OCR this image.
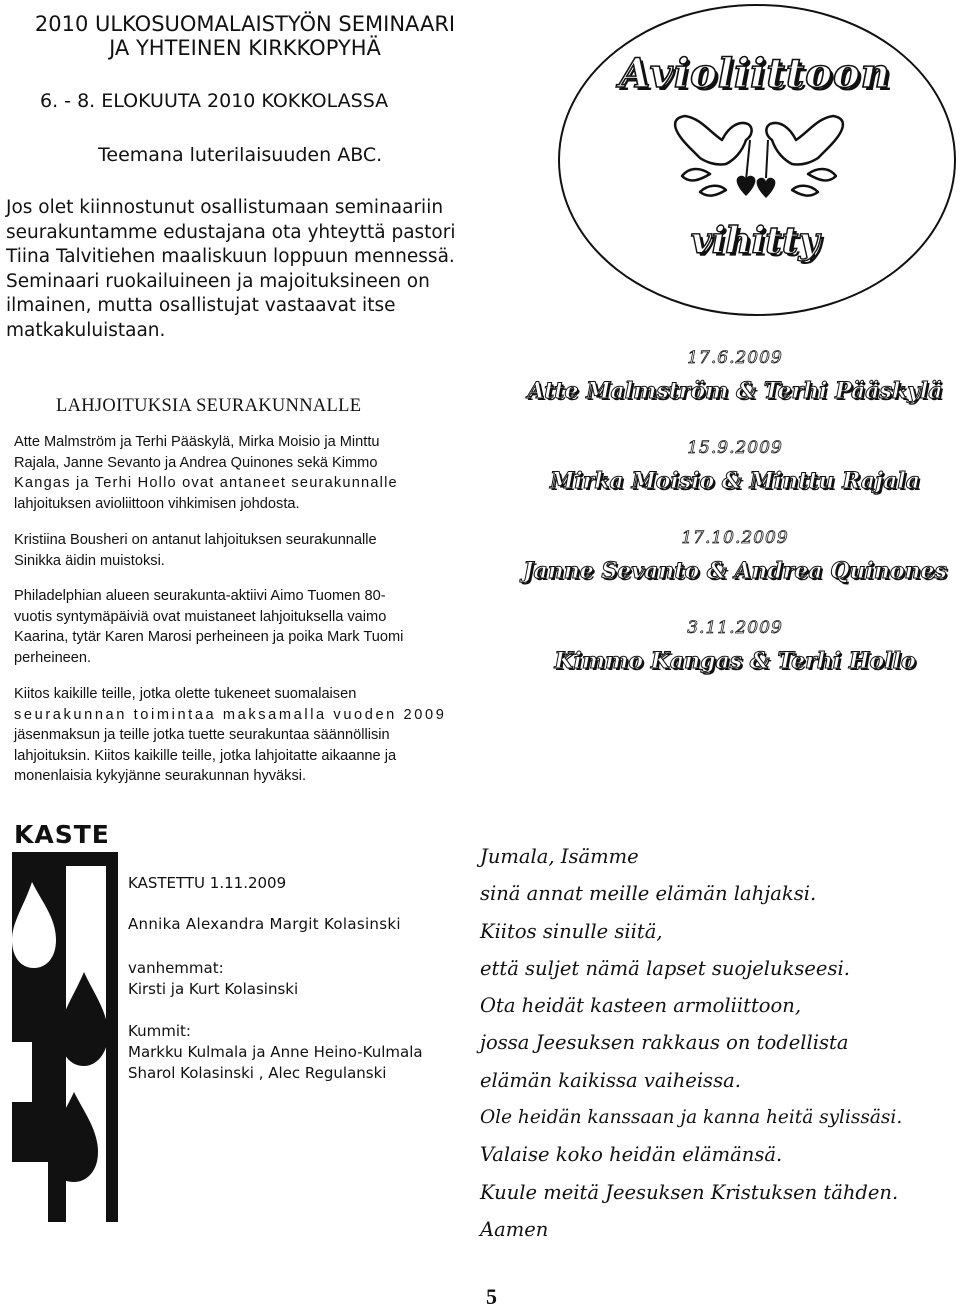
2010 ULKOSUOMALAISTYÖN SEMINAARI
JA YHTEINEN KIRKKOPYHÄ
6. - 8. ELOKUUTA 2010 KOKKOLASSA
Teemana luterilaisuuden ABC.
Jos olet kiinnostunut osallistumaan seminaariin
seurakuntamme edustajana ota yhteyttä pastori
Tiina Talvitiehen maaliskuun loppuun mennessä.
Seminaari ruokailuineen ja majoituksineen on
ilmainen, mutta osallistujat vastaavat itse
matkakuluistaan.
LAHJOITUKSIA SEURAKUNNALLE
Atte Malmström ja Terhi Pääskylä, Mirka Moisio ja Minttu
Rajala, Janne Sevanto ja Andrea Quinones sekä Kimmo
Kangas ja Terhi Hollo ovat antaneet seurakunnalle
lahjoituksen avioliittoon vihkimisen johdosta.
Kristiina Bousheri on antanut lahjoituksen seurakunnalle
Sinikka äidin muistoksi.
Philadelphian alueen seurakunta-aktiivi Aimo Tuomen 80-
vuotis syntymäpäiviä ovat muistaneet lahjoituksella vaimo
Kaarina, tytär Karen Marosi perheineen ja poika Mark Tuomi
perheineen.
Kiitos kaikille teille, jotka olette tukeneet suomalaisen
seurakunnan toimintaa maksamalla vuoden 2009
jäsenmaksun ja teille jotka tuette seurakuntaa säännöllisin
lahjoituksin. Kiitos kaikille teille, jotka lahjoitatte aikaanne ja
monenlaisia kykyjänne seurakunnan hyväksi.
Avioliittoon
vihitty
17.6.2009
Atte Malmström & Terhi Pääskylä
15.9.2009
Mirka Moisio & Minttu Rajala
17.10.2009
Janne Sevanto & Andrea Quinones
3.11.2009
Kimmo Kangas & Terhi Hollo
KASTE
KASTETTU 1.11.2009
Annika Alexandra Margit Kolasinski
vanhemmat:
Kirsti ja Kurt Kolasinski
Kummit:
Markku Kulmala ja Anne Heino-Kulmala
Sharol Kolasinski , Alec Regulanski
Jumala, Isämme
sinä annat meille elämän lahjaksi.
Kiitos sinulle siitä,
että suljet nämä lapset suojelukseesi.
Ota heidät kasteen armoliittoon,
jossa Jeesuksen rakkaus on todellista
elämän kaikissa vaiheissa.
Ole heidän kanssaan ja kanna heitä sylissäsi.
Valaise koko heidän elämänsä.
Kuule meitä Jeesuksen Kristuksen tähden.
Aamen
5
